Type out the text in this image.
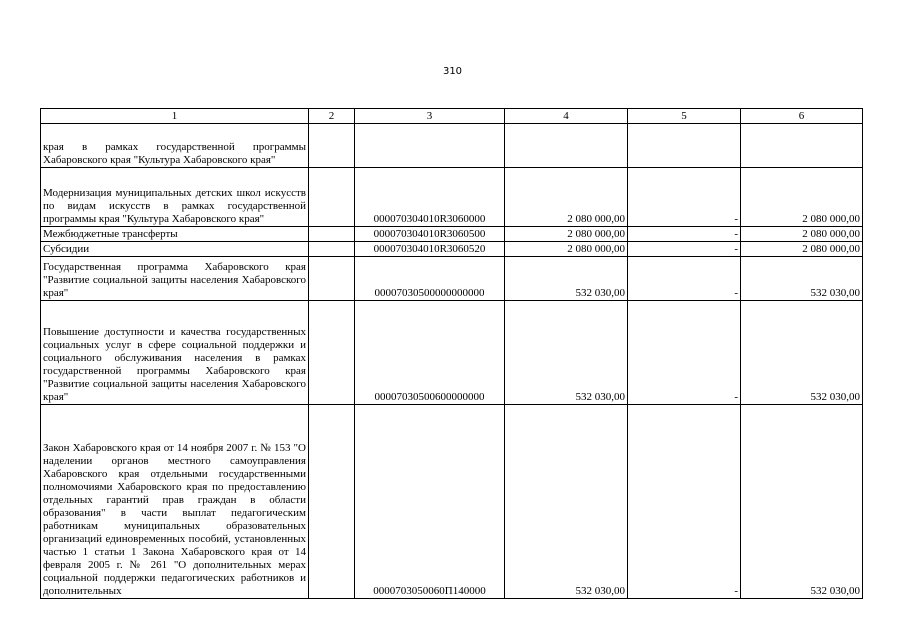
310
1	2	3	4	5	6
края в рамках государственной программы Хабаровского края "Культура Хабаровского края"					
Модернизация муниципальных детских школ искусств по видам искусств в рамках государственной программы края "Культура Хабаровского края"		000070304010R3060000	2 080 000,00	-	2 080 000,00
Межбюджетные трансферты		000070304010R3060500	2 080 000,00	-	2 080 000,00
Субсидии		000070304010R3060520	2 080 000,00	-	2 080 000,00
Государственная программа Хабаровского края "Развитие социальной защиты населения Хабаровского края"		00007030500000000000	532 030,00	-	532 030,00
Повышение доступности и качества государственных социальных услуг в сфере социальной поддержки и социального обслуживания населения в рамках государственной программы Хабаровского края "Развитие социальной защиты населения Хабаровского края"		00007030500600000000	532 030,00	-	532 030,00
Закон Хабаровского края от 14 ноября 2007 г. № 153 "О наделении органов местного самоуправления Хабаровского края отдельными государственными полномочиями Хабаровского края по предоставлению отдельных гарантий прав граждан в области образования" в части выплат педагогическим работникам муниципальных образовательных организаций единовременных пособий, установленных частью 1 статьи 1 Закона Хабаровского края от 14 февраля 2005 г. № 261 "О дополнительных мерах социальной поддержки педагогических работников и дополнительных		0000703050060П140000	532 030,00	-	532 030,00
